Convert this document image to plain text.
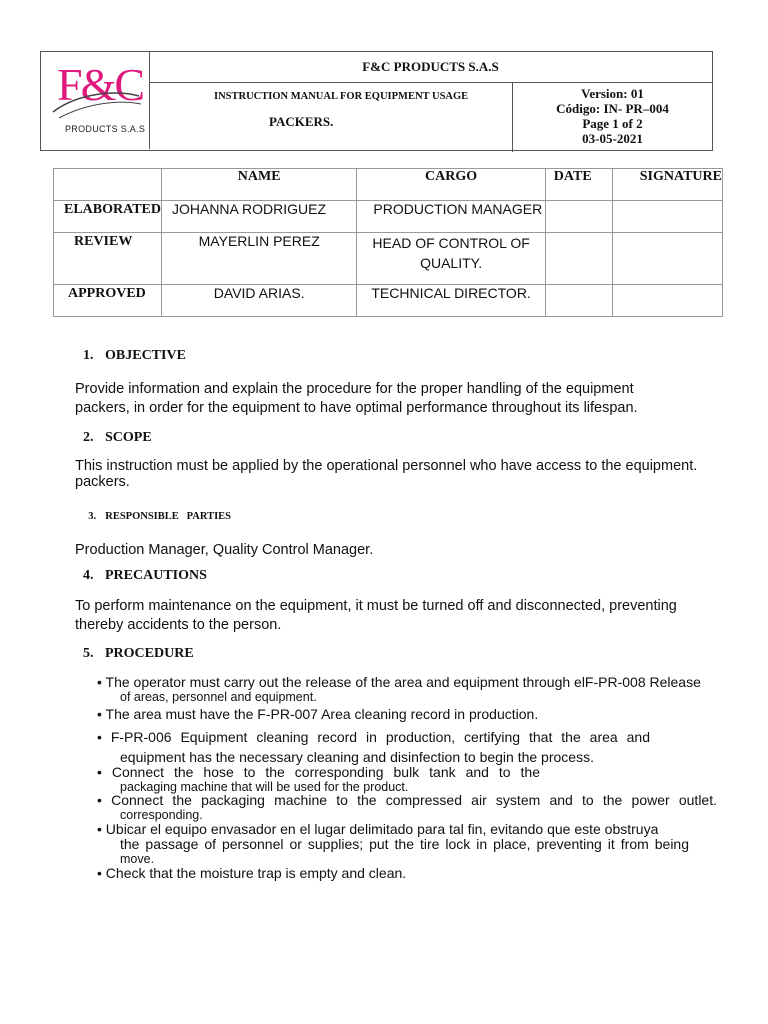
F&C
PRODUCTS S.A.S
F&C PRODUCTS S.A.S
INSTRUCTION MANUAL FOR EQUIPMENT USAGE
PACKERS.
Version: 01
Código: IN- PR–004
Page 1 of 2
03-05-2021
	NAME	CARGO	DATE	SIGNATURE
ELABORATED	JOHANNA RODRIGUEZ	PRODUCTION MANAGER		
REVIEW	MAYERLIN PEREZ	HEAD OF CONTROL OF QUALITY.		
APPROVED	DAVID ARIAS.	TECHNICAL DIRECTOR.		
1. OBJECTIVE
Provide information and explain the procedure for the proper handling of the equipment packers, in order for the equipment to have optimal performance throughout its lifespan.
2. SCOPE
This instruction must be applied by the operational personnel who have access to the equipment. packers.

3. RESPONSIBLE   PARTIES

Production Manager, Quality Control Manager.
4. PRECAUTIONS
To perform maintenance on the equipment, it must be turned off and disconnected, preventing thereby accidents to the person.
5. PROCEDURE
• The operator must carry out the release of the area and equipment through elF-PR-008 Release
of areas, personnel and equipment.
• The area must have the F-PR-007 Area cleaning record in production.
• F-PR-006 Equipment cleaning record in production, certifying that the area and
equipment has the necessary cleaning and disinfection to begin the process.
• Connect the hose to the corresponding bulk tank and to the
packaging machine that will be used for the product.
• Connect the packaging machine to the compressed air system and to the power outlet.
corresponding.
• Ubicar el equipo envasador en el lugar delimitado para tal fin, evitando que este obstruya
the passage of personnel or supplies; put the tire lock in place, preventing it from being
move.
• Check that the moisture trap is empty and clean.
